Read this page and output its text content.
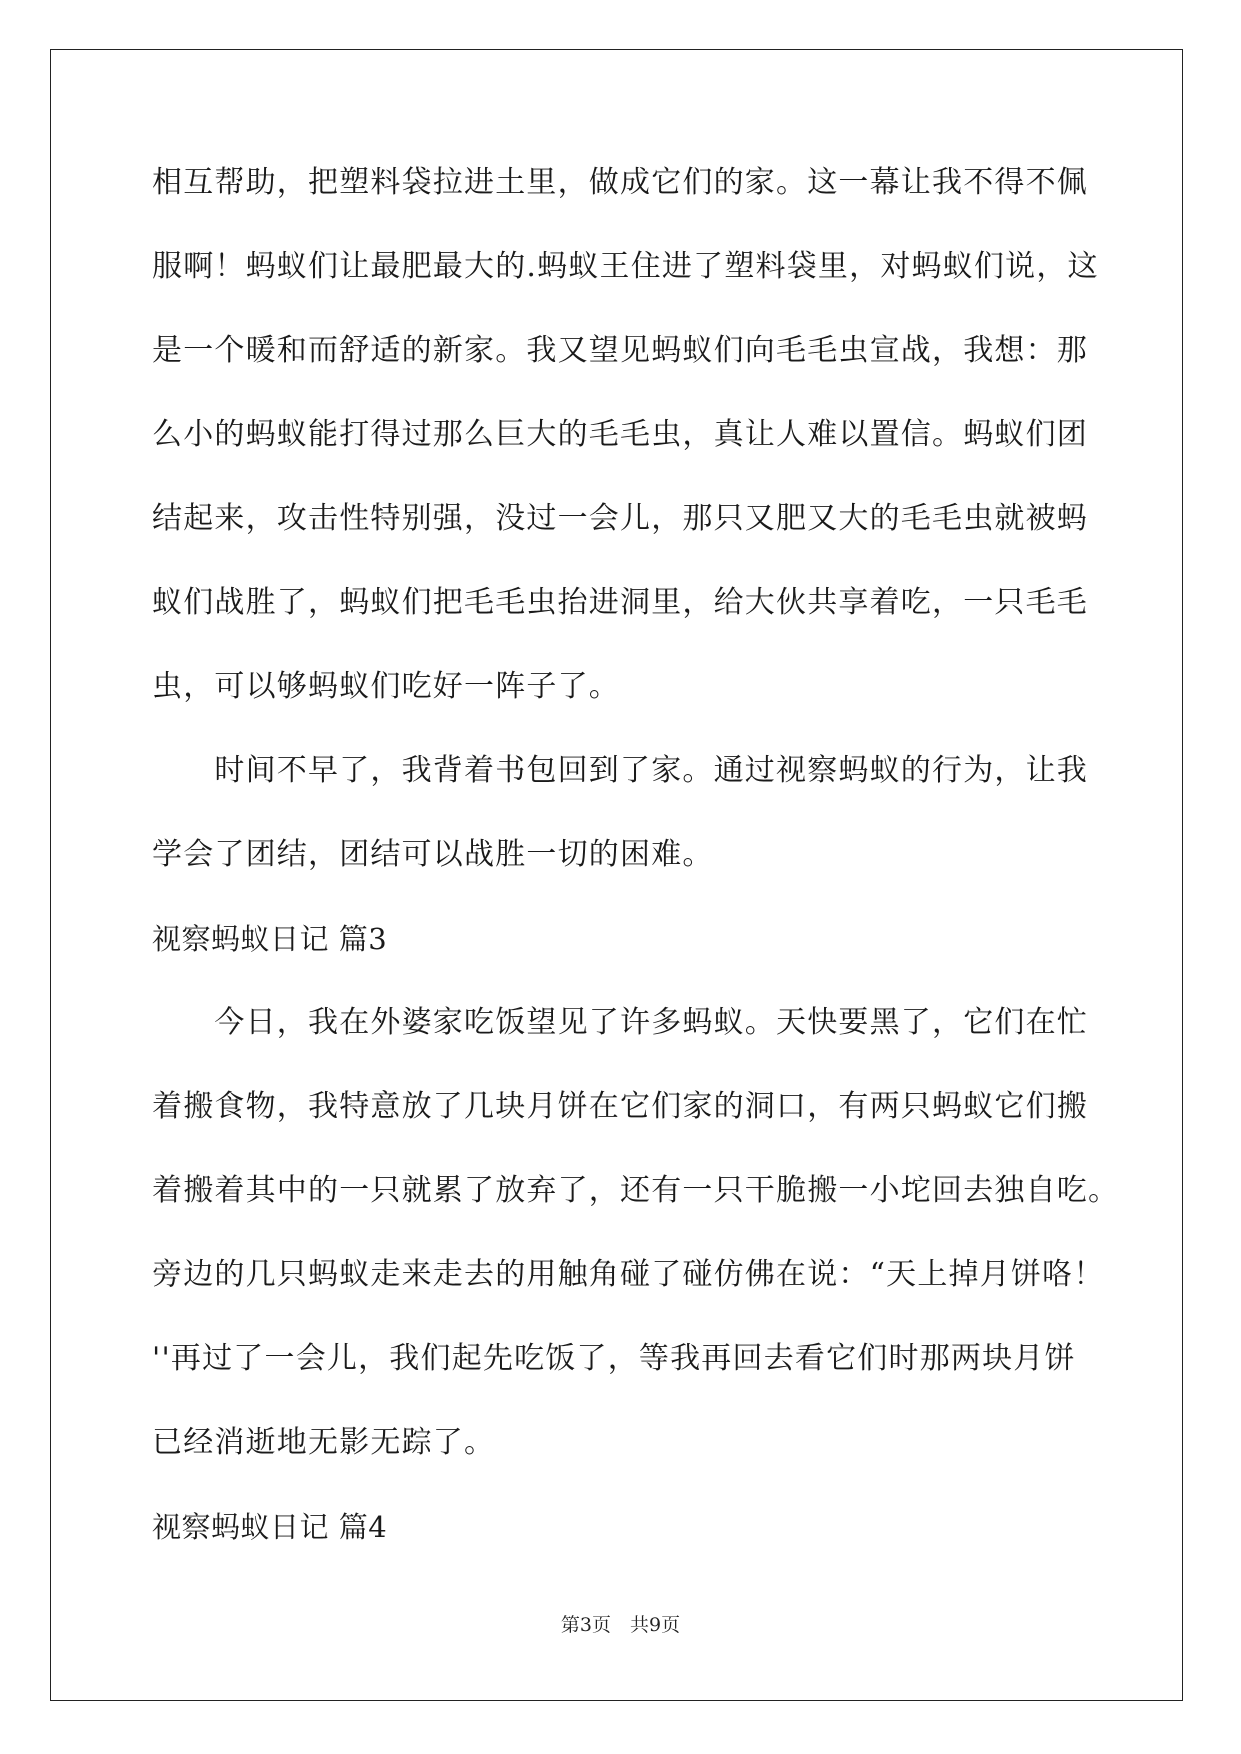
相互帮助，把塑料袋拉进土里，做成它们的家。这一幕让我不得不佩

服啊！蚂蚁们让最肥最大的.蚂蚁王住进了塑料袋里，对蚂蚁们说，这

是一个暖和而舒适的新家。我又望见蚂蚁们向毛毛虫宣战，我想：那

么小的蚂蚁能打得过那么巨大的毛毛虫，真让人难以置信。蚂蚁们团

结起来，攻击性特别强，没过一会儿，那只又肥又大的毛毛虫就被蚂

蚁们战胜了，蚂蚁们把毛毛虫抬进洞里，给大伙共享着吃，一只毛毛

虫，可以够蚂蚁们吃好一阵子了。

　　时间不早了，我背着书包回到了家。通过视察蚂蚁的行为，让我

学会了团结，团结可以战胜一切的困难。

视察蚂蚁日记 篇3

　　今日，我在外婆家吃饭望见了许多蚂蚁。天快要黑了，它们在忙

着搬食物，我特意放了几块月饼在它们家的洞口，有两只蚂蚁它们搬

着搬着其中的一只就累了放弃了，还有一只干脆搬一小坨回去独自吃。

旁边的几只蚂蚁走来走去的用触角碰了碰仿佛在说：“天上掉月饼咯！

''再过了一会儿，我们起先吃饭了，等我再回去看它们时那两块月饼

已经消逝地无影无踪了。

视察蚂蚁日记 篇4

第3页　共9页
